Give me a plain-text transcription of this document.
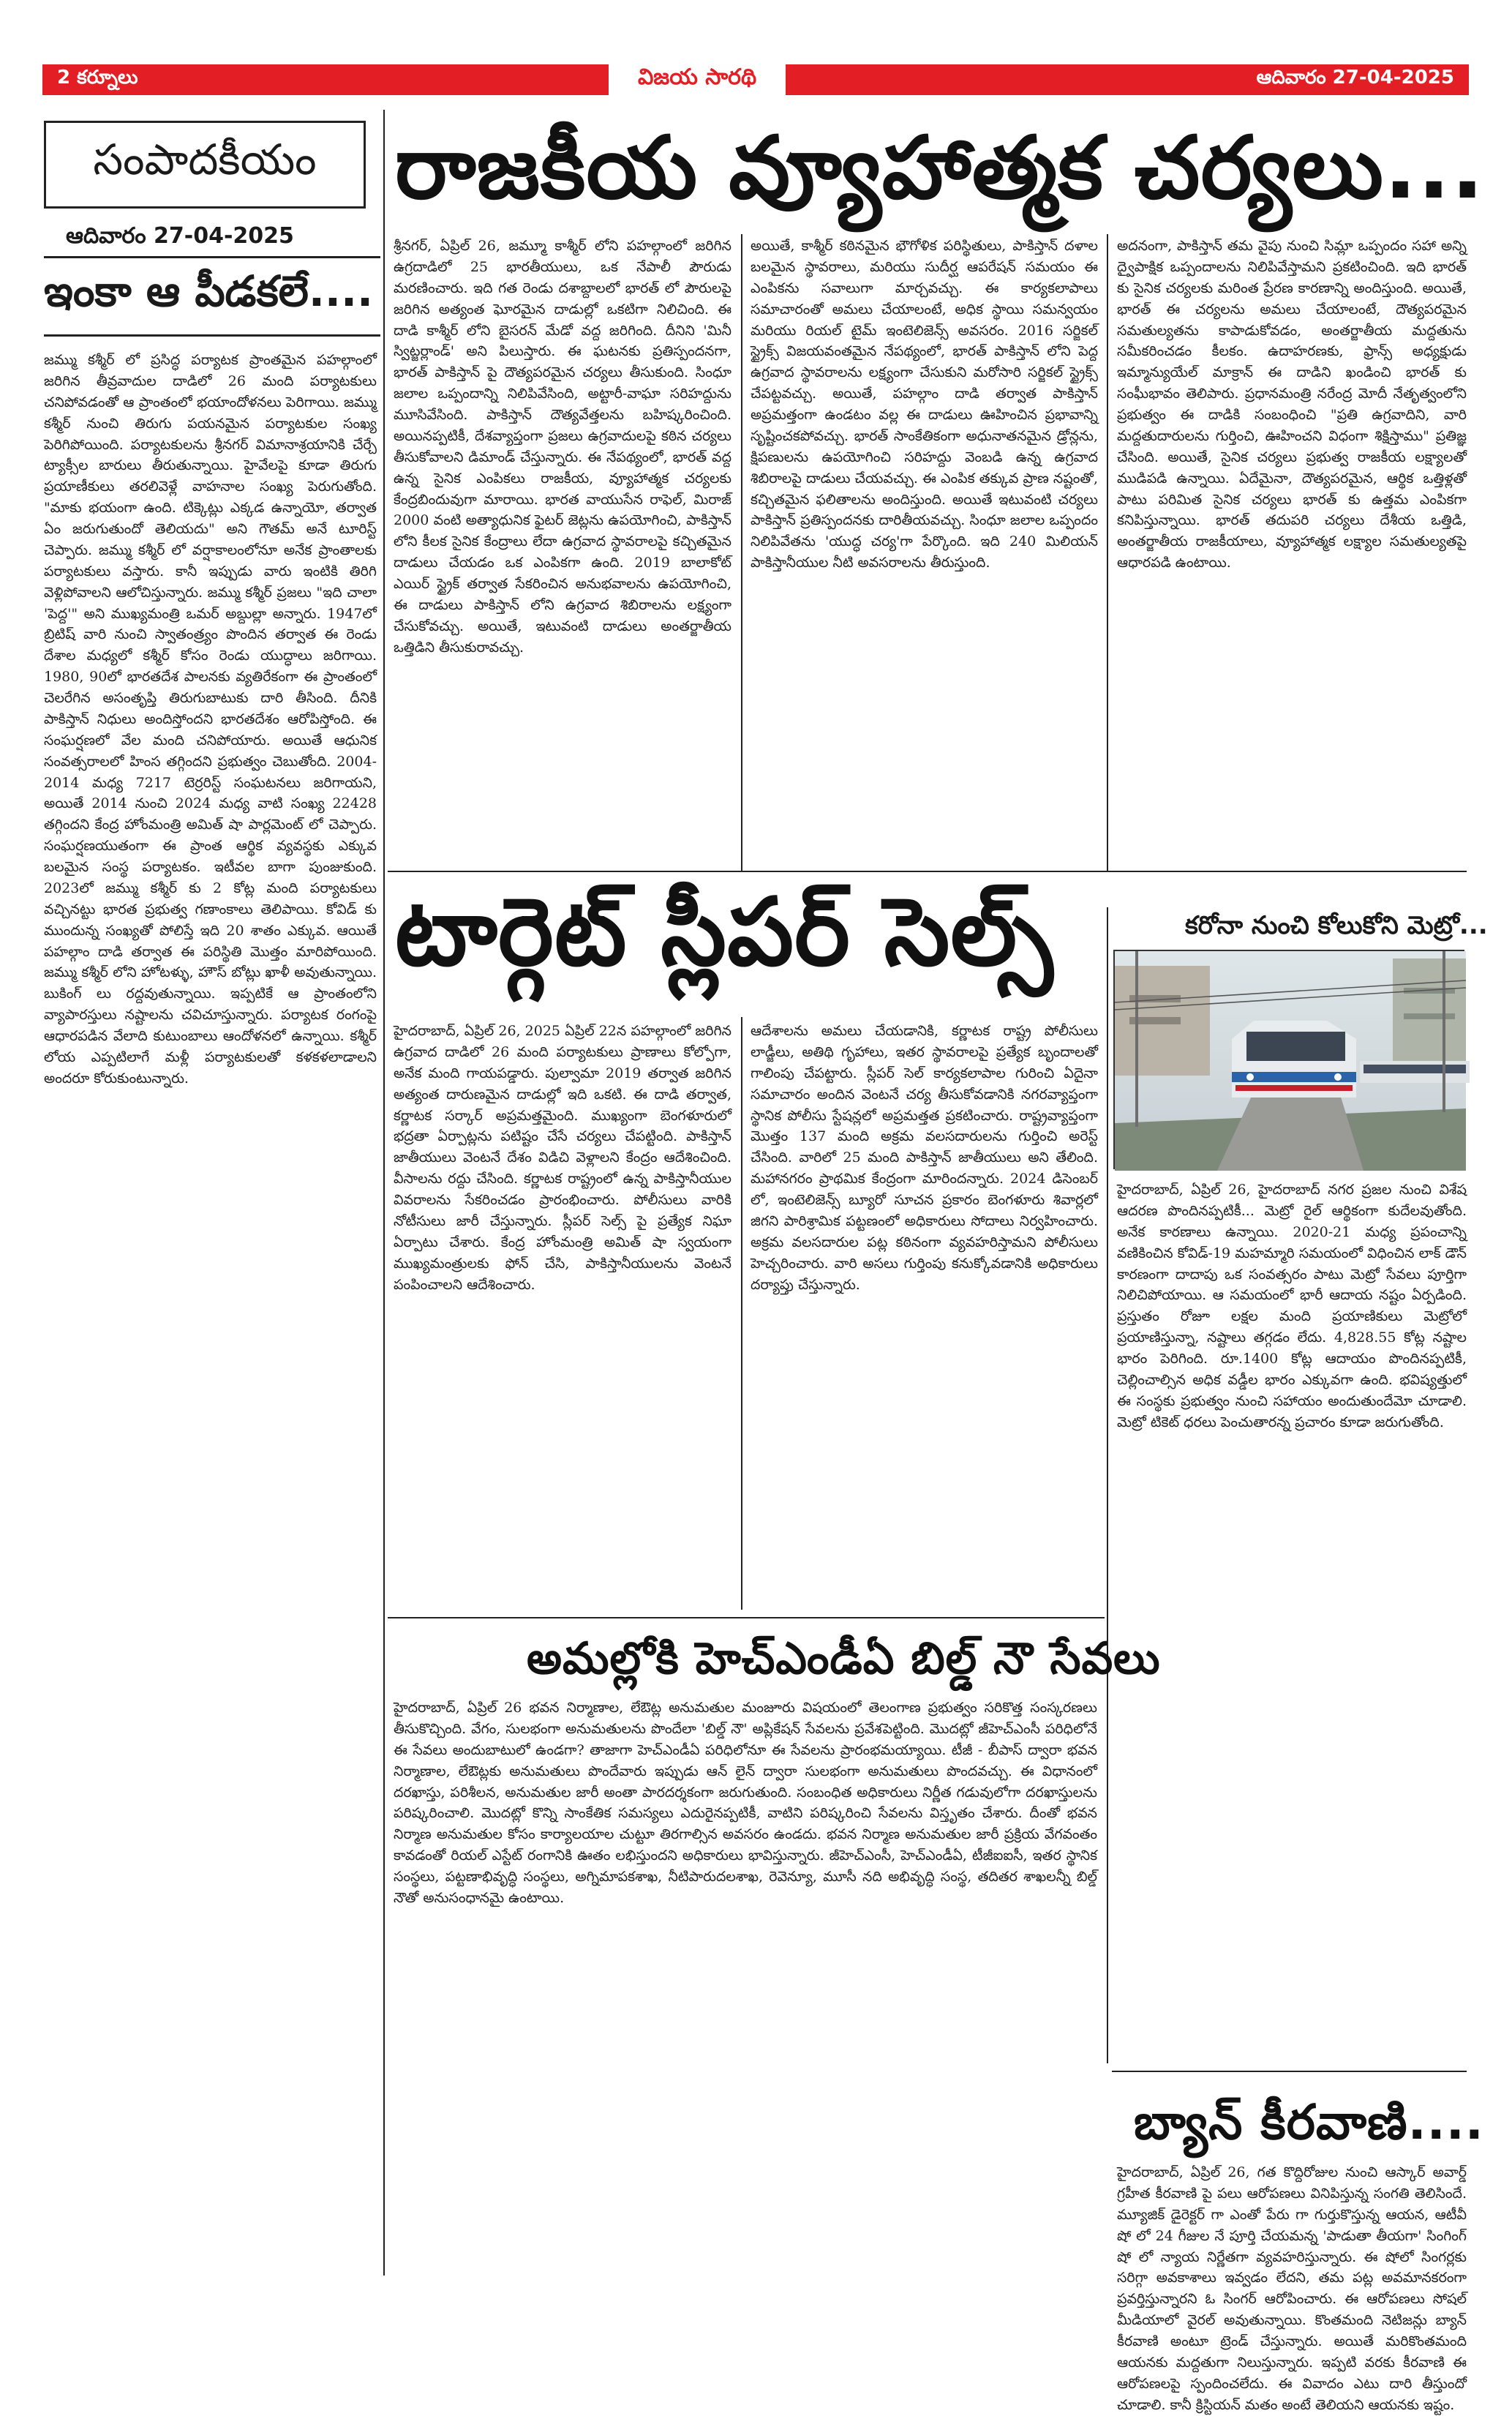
2 కర్నూలు	విజయ సారథి	ఆదివారం 27-04-2025
సంపాదకీయం
ఆదివారం 27-04-2025
ఇంకా ఆ పీడకలే....
జమ్ము కశ్మీర్ లో ప్రసిద్ధ పర్యాటక ప్రాంతమైన పహల్గాంలో జరిగిన తీవ్రవాదుల దాడిలో 26 మంది పర్యాటకులు చనిపోవడంతో ఆ ప్రాంతంలో భయాందోళనలు పెరిగాయి. జమ్ము కశ్మీర్ నుంచి తిరుగు పయనమైన పర్యాటకుల సంఖ్య పెరిగిపోయింది. పర్యాటకులను శ్రీనగర్ విమానాశ్రయానికి చేర్చే ట్యాక్సీల బారులు తీరుతున్నాయి. హైవేలపై కూడా తిరుగు ప్రయాణీకులు తరలివెళ్లే వాహనాల సంఖ్య పెరుగుతోంది. "మాకు భయంగా ఉంది. టిక్కెట్లు ఎక్కడ ఉన్నాయో, తర్వాత ఏం జరుగుతుందో తెలియదు" అని గౌతమ్ అనే టూరిస్ట్ చెప్పారు. జమ్ము కశ్మీర్ లో వర్షాకాలంలోనూ అనేక ప్రాంతాలకు పర్యాటకులు వస్తారు. కానీ ఇప్పుడు వారు ఇంటికి తిరిగి వెళ్లిపోవాలని ఆలోచిస్తున్నారు. జమ్ము కశ్మీర్ ప్రజలు "ఇది చాలా 'పెద్ద'" అని ముఖ్యమంత్రి ఒమర్ అబ్దుల్లా అన్నారు. 1947లో బ్రిటిష్ వారి నుంచి స్వాతంత్ర్యం పొందిన తర్వాత ఈ రెండు దేశాల మధ్యలో కశ్మీర్ కోసం రెండు యుద్ధాలు జరిగాయి. 1980, 90లో భారతదేశ పాలనకు వ్యతిరేకంగా ఈ ప్రాంతంలో చెలరేగిన అసంతృప్తి తిరుగుబాటుకు దారి తీసింది. దీనికి పాకిస్తాన్ నిధులు అందిస్తోందని భారతదేశం ఆరోపిస్తోంది. ఈ సంఘర్షణలో వేల మంది చనిపోయారు. అయితే ఆధునిక సంవత్సరాలలో హింస తగ్గిందని ప్రభుత్వం చెబుతోంది. 2004- 2014 మధ్య 7217 టెర్రరిస్ట్ సంఘటనలు జరిగాయని, అయితే 2014 నుంచి 2024 మధ్య వాటి సంఖ్య 22428 తగ్గిందని కేంద్ర హోంమంత్రి అమిత్ షా పార్లమెంట్ లో చెప్పారు. సంఘర్షణయుతంగా ఈ ప్రాంత ఆర్థిక వ్యవస్థకు ఎక్కువ బలమైన సంస్థ పర్యాటకం. ఇటీవల బాగా పుంజుకుంది. 2023లో జమ్ము కశ్మీర్ కు 2 కోట్ల మంది పర్యాటకులు వచ్చినట్టు భారత ప్రభుత్వ గణాంకాలు తెలిపాయి. కోవిడ్ కు ముందున్న సంఖ్యతో పోలిస్తే ఇది 20 శాతం ఎక్కువ. ఆయితే పహల్గాం దాడి తర్వాత ఈ పరిస్థితి మొత్తం మారిపోయింది. జమ్ము కశ్మీర్ లోని హోటళ్ళు, హౌస్ బోట్లు ఖాళీ అవుతున్నాయి. బుకింగ్ లు రద్దవుతున్నాయి. ఇప్పటికే ఆ ప్రాంతంలోని వ్యాపారస్తులు నష్టాలను చవిచూస్తున్నారు. పర్యాటక రంగంపై ఆధారపడిన వేలాది కుటుంబాలు ఆందోళనలో ఉన్నాయి. కశ్మీర్ లోయ ఎప్పటిలాగే మళ్లీ పర్యాటకులతో కళకళలాడాలని అందరూ కోరుకుంటున్నారు.
రాజకీయ వ్యూహాత్మక చర్యలు...
శ్రీనగర్, ఏప్రిల్ 26, జమ్మూ కాశ్మీర్ లోని పహల్గాంలో జరిగిన ఉగ్రదాడిలో 25 భారతీయులు, ఒక నేపాలీ పౌరుడు మరణించారు. ఇది గత రెండు దశాబ్దాలలో భారత్ లో పౌరులపై జరిగిన అత్యంత ఘోరమైన దాడుల్లో ఒకటిగా నిలిచింది. ఈ దాడి కాశ్మీర్ లోని బైసరన్ మేడో వద్ద జరిగింది. దీనిని 'మినీ స్విట్జర్లాండ్' అని పిలుస్తారు. ఈ ఘటనకు ప్రతిస్పందనగా, భారత్ పాకిస్తాన్ పై దౌత్యపరమైన చర్యలు తీసుకుంది. సింధూ జలాల ఒప్పందాన్ని నిలిపివేసింది, అట్టారీ-వాఘా సరిహద్దును మూసివేసింది. పాకిస్తాన్ దౌత్యవేత్తలను బహిష్కరించింది. అయినప్పటికీ, దేశవ్యాప్తంగా ప్రజలు ఉగ్రవాదులపై కఠిన చర్యలు తీసుకోవాలని డిమాండ్ చేస్తున్నారు. ఈ నేపథ్యంలో, భారత్ వద్ద ఉన్న సైనిక ఎంపికలు రాజకీయ, వ్యూహాత్మక చర్యలకు కేంద్రబిందువుగా మారాయి. భారత వాయుసేన రాఫెల్, మిరాజ్ 2000 వంటి అత్యాధునిక ఫైటర్ జెట్లను ఉపయోగించి, పాకిస్తాన్ లోని కీలక సైనిక కేంద్రాలు లేదా ఉగ్రవాద స్థావరాలపై కచ్చితమైన దాడులు చేయడం ఒక ఎంపికగా ఉంది. 2019 బాలాకోట్ ఎయిర్ స్ట్రైక్ తర్వాత సేకరించిన అనుభవాలను ఉపయోగించి, ఈ దాడులు పాకిస్తాన్ లోని ఉగ్రవాద శిబిరాలను లక్ష్యంగా చేసుకోవచ్చు. అయితే, ఇటువంటి దాడులు అంతర్జాతీయ ఒత్తిడిని తీసుకురావచ్చు.
అయితే, కాశ్మీర్ కఠినమైన భౌగోళిక పరిస్థితులు, పాకిస్తాన్ దళాల బలమైన స్థావరాలు, మరియు సుదీర్ఘ ఆపరేషన్ సమయం ఈ ఎంపికను సవాలుగా మార్చవచ్చు. ఈ కార్యకలాపాలు సమాచారంతో అమలు చేయాలంటే, అధిక స్థాయి సమన్వయం మరియు రియల్ టైమ్ ఇంటెలిజెన్స్ అవసరం. 2016 సర్జికల్ స్ట్రైక్స్ విజయవంతమైన నేపథ్యంలో, భారత్ పాకిస్తాన్ లోని పెద్ద ఉగ్రవాద స్థావరాలను లక్ష్యంగా చేసుకుని మరోసారి సర్జికల్ స్ట్రైక్స్ చేపట్టవచ్చు. అయితే, పహల్గాం దాడి తర్వాత పాకిస్తాన్ అప్రమత్తంగా ఉండటం వల్ల ఈ దాడులు ఊహించిన ప్రభావాన్ని సృష్టించకపోవచ్చు. భారత్ సాంకేతికంగా అధునాతనమైన డ్రోన్లను, క్షిపణులను ఉపయోగించి సరిహద్దు వెంబడి ఉన్న ఉగ్రవాద శిబిరాలపై దాడులు చేయవచ్చు. ఈ ఎంపిక తక్కువ ప్రాణ నష్టంతో, కచ్చితమైన ఫలితాలను అందిస్తుంది. అయితే ఇటువంటి చర్యలు పాకిస్తాన్ ప్రతిస్పందనకు దారితీయవచ్చు. సింధూ జలాల ఒప్పందం నిలిపివేతను 'యుద్ధ చర్య'గా పేర్కొంది. ఇది 240 మిలియన్ పాకిస్తానీయుల నీటి అవసరాలను తీరుస్తుంది.
అదనంగా, పాకిస్తాన్ తమ వైపు నుంచి సిమ్లా ఒప్పందం సహా అన్ని ద్వైపాక్షిక ఒప్పందాలను నిలిపివేస్తామని ప్రకటించింది. ఇది భారత్ కు సైనిక చర్యలకు మరింత ప్రేరణ కారణాన్ని అందిస్తుంది. అయితే, భారత్ ఈ చర్యలను అమలు చేయాలంటే, దౌత్యపరమైన సమతుల్యతను కాపాడుకోవడం, అంతర్జాతీయ మద్దతును సమీకరించడం కీలకం. ఉదాహరణకు, ఫ్రాన్స్ అధ్యక్షుడు ఇమ్మాన్యుయేల్ మాక్రాన్ ఈ దాడిని ఖండించి భారత్ కు సంఘీభావం తెలిపారు. ప్రధానమంత్రి నరేంద్ర మోదీ నేతృత్వంలోని ప్రభుత్వం ఈ దాడికి సంబంధించి "ప్రతి ఉగ్రవాదిని, వారి మద్దతుదారులను గుర్తించి, ఊహించని విధంగా శిక్షిస్తాము" ప్రతిజ్ఞ చేసింది. అయితే, సైనిక చర్యలు ప్రభుత్వ రాజకీయ లక్ష్యాలతో ముడిపడి ఉన్నాయి. ఏదేమైనా, దౌత్యపరమైన, ఆర్థిక ఒత్తిళ్లతో పాటు పరిమిత సైనిక చర్యలు భారత్ కు ఉత్తమ ఎంపికగా కనిపిస్తున్నాయి. భారత్ తదుపరి చర్యలు దేశీయ ఒత్తిడి, అంతర్జాతీయ రాజకీయాలు, వ్యూహాత్మక లక్ష్యాల సమతుల్యతపై ఆధారపడి ఉంటాయి.
టార్గెట్ స్లీపర్ సెల్స్
హైదరాబాద్, ఏప్రిల్ 26, 2025 ఏప్రిల్ 22న పహల్గాంలో జరిగిన ఉగ్రవాద దాడిలో 26 మంది పర్యాటకులు ప్రాణాలు కోల్పోగా, అనేక మంది గాయపడ్డారు. పుల్వామా 2019 తర్వాత జరిగిన అత్యంత దారుణమైన దాడుల్లో ఇది ఒకటి. ఈ దాడి తర్వాత, కర్ణాటక సర్కార్ అప్రమత్తమైంది. ముఖ్యంగా బెంగళూరులో భద్రతా ఏర్పాట్లను పటిష్టం చేసే చర్యలు చేపట్టింది. పాకిస్తాన్ జాతీయులు వెంటనే దేశం విడిచి వెళ్లాలని కేంద్రం ఆదేశించింది. వీసాలను రద్దు చేసింది. కర్ణాటక రాష్ట్రంలో ఉన్న పాకిస్తానీయుల వివరాలను సేకరించడం ప్రారంభించారు. పోలీసులు వారికి నోటీసులు జారీ చేస్తున్నారు. స్లీపర్ సెల్స్ పై ప్రత్యేక నిఘా ఏర్పాటు చేశారు. కేంద్ర హోంమంత్రి అమిత్ షా స్వయంగా ముఖ్యమంత్రులకు ఫోన్ చేసి, పాకిస్తానీయులను వెంటనే పంపించాలని ఆదేశించారు.
ఆదేశాలను అమలు చేయడానికి, కర్ణాటక రాష్ట్ర పోలీసులు లాడ్జీలు, అతిథి గృహాలు, ఇతర స్థావరాలపై ప్రత్యేక బృందాలతో గాలింపు చేపట్టారు. స్లీపర్ సెల్ కార్యకలాపాల గురించి ఏదైనా సమాచారం అందిన వెంటనే చర్య తీసుకోవడానికి నగరవ్యాప్తంగా స్థానిక పోలీసు స్టేషన్లలో అప్రమత్తత ప్రకటించారు. రాష్ట్రవ్యాప్తంగా మొత్తం 137 మంది అక్రమ వలసదారులను గుర్తించి అరెస్ట్ చేసింది. వారిలో 25 మంది పాకిస్తాన్ జాతీయులు అని తేలింది. మహానగరం ప్రాథమిక కేంద్రంగా మారిందన్నారు. 2024 డిసెంబర్ లో, ఇంటెలిజెన్స్ బ్యూరో సూచన ప్రకారం బెంగళూరు శివార్లలో జిగని పారిశ్రామిక పట్టణంలో అధికారులు సోదాలు నిర్వహించారు. అక్రమ వలసదారుల పట్ల కఠినంగా వ్యవహరిస్తామని పోలీసులు హెచ్చరించారు. వారి అసలు గుర్తింపు కనుక్కోవడానికి అధికారులు దర్యాప్తు చేస్తున్నారు.
కరోనా నుంచి కోలుకోని మెట్రో...
హైదరాబాద్, ఏప్రిల్ 26, హైదరాబాద్ నగర ప్రజల నుంచి విశేష ఆదరణ పొందినప్పటికీ... మెట్రో రైల్ ఆర్థికంగా కుదేలవుతోంది. అనేక కారణాలు ఉన్నాయి. 2020-21 మధ్య ప్రపంచాన్ని వణికించిన కోవిడ్-19 మహమ్మారి సమయంలో విధించిన లాక్ డౌన్ కారణంగా దాదాపు ఒక సంవత్సరం పాటు మెట్రో సేవలు పూర్తిగా నిలిచిపోయాయి. ఆ సమయంలో భారీ ఆదాయ నష్టం ఏర్పడింది. ప్రస్తుతం రోజూ లక్షల మంది ప్రయాణికులు మెట్రోలో ప్రయాణిస్తున్నా, నష్టాలు తగ్గడం లేదు. 4,828.55 కోట్ల నష్టాల భారం పెరిగింది. రూ.1400 కోట్ల ఆదాయం పొందినప్పటికీ, చెల్లించాల్సిన అధిక వడ్డీల భారం ఎక్కువగా ఉంది. భవిష్యత్తులో ఈ సంస్థకు ప్రభుత్వం నుంచి సహాయం అందుతుందేమో చూడాలి. మెట్రో టికెట్ ధరలు పెంచుతారన్న ప్రచారం కూడా జరుగుతోంది.
అమల్లోకి హెచ్ఎండీఏ బిల్డ్ నౌ సేవలు
హైదరాబాద్, ఏప్రిల్ 26 భవన నిర్మాణాల, లేఔట్ల అనుమతుల మంజూరు విషయంలో తెలంగాణ ప్రభుత్వం సరికొత్త సంస్కరణలు తీసుకొచ్చింది. వేగం, సులభంగా అనుమతులను పొందేలా 'బిల్డ్ నౌ' అప్లికేషన్ సేవలను ప్రవేశపెట్టింది. మొదట్లో జీహెచ్ఎంసీ పరిధిలోనే ఈ సేవలు అందుబాటులో ఉండగా? తాజాగా హెచ్ఎండీఏ పరిధిలోనూ ఈ సేవలను ప్రారంభమయ్యాయి. టీజీ - బీపాస్ ద్వారా భవన నిర్మాణాల, లేఔట్లకు అనుమతులు పొందేవారు ఇప్పుడు ఆన్ లైన్ ద్వారా సులభంగా అనుమతులు పొందవచ్చు. ఈ విధానంలో దరఖాస్తు, పరిశీలన, అనుమతుల జారీ అంతా పారదర్శకంగా జరుగుతుంది. సంబంధిత అధికారులు నిర్ణీత గడువులోగా దరఖాస్తులను పరిష్కరించాలి. మొదట్లో కొన్ని సాంకేతిక సమస్యలు ఎదురైనప్పటికీ, వాటిని పరిష్కరించి సేవలను విస్తృతం చేశారు. దీంతో భవన నిర్మాణ అనుమతుల కోసం కార్యాలయాల చుట్టూ తిరగాల్సిన అవసరం ఉండదు. భవన నిర్మాణ అనుమతుల జారీ ప్రక్రియ వేగవంతం కావడంతో రియల్ ఎస్టేట్ రంగానికి ఊతం లభిస్తుందని అధికారులు భావిస్తున్నారు. జీహెచ్ఎంసీ, హెచ్ఎండీఏ, టీజీఐఐసీ, ఇతర స్థానిక సంస్థలు, పట్టణాభివృద్ధి సంస్థలు, అగ్నిమాపకశాఖ, నీటిపారుదలశాఖ, రెవెన్యూ, మూసీ నది అభివృద్ధి సంస్థ, తదితర శాఖలన్నీ బిల్డ్ నౌతో అనుసంధానమై ఉంటాయి.
బ్యాన్ కీరవాణి....
హైదరాబాద్, ఏప్రిల్ 26, గత కొద్దిరోజుల నుంచి ఆస్కార్ అవార్డ్ గ్రహీత కీరవాణి పై పలు ఆరోపణలు వినిపిస్తున్న సంగతి తెలిసిందే. మ్యూజిక్ డైరెక్టర్ గా ఎంతో పేరు గా గుర్తుకొస్తున్న ఆయన, ఆటీవీ షో లో 24 గీజుల నే పూర్తి చేయమన్న 'పాడుతా తీయగా' సింగింగ్ షో లో న్యాయ నిర్ణేతగా వ్యవహరిస్తున్నారు. ఈ షోలో సింగర్లకు సరిగ్గా అవకాశాలు ఇవ్వడం లేదని, తమ పట్ల అవమానకరంగా ప్రవర్తిస్తున్నారని ఓ సింగర్ ఆరోపించారు. ఈ ఆరోపణలు సోషల్ మీడియాలో వైరల్ అవుతున్నాయి. కొంతమంది నెటిజన్లు బ్యాన్ కీరవాణి అంటూ ట్రెండ్ చేస్తున్నారు. అయితే మరికొంతమంది ఆయనకు మద్దతుగా నిలుస్తున్నారు. ఇప్పటి వరకు కీరవాణి ఈ ఆరోపణలపై స్పందించలేదు. ఈ వివాదం ఎటు దారి తీస్తుందో చూడాలి. కానీ క్రిస్టియన్ మతం అంటే తెలియని ఆయనకు ఇష్టం.
